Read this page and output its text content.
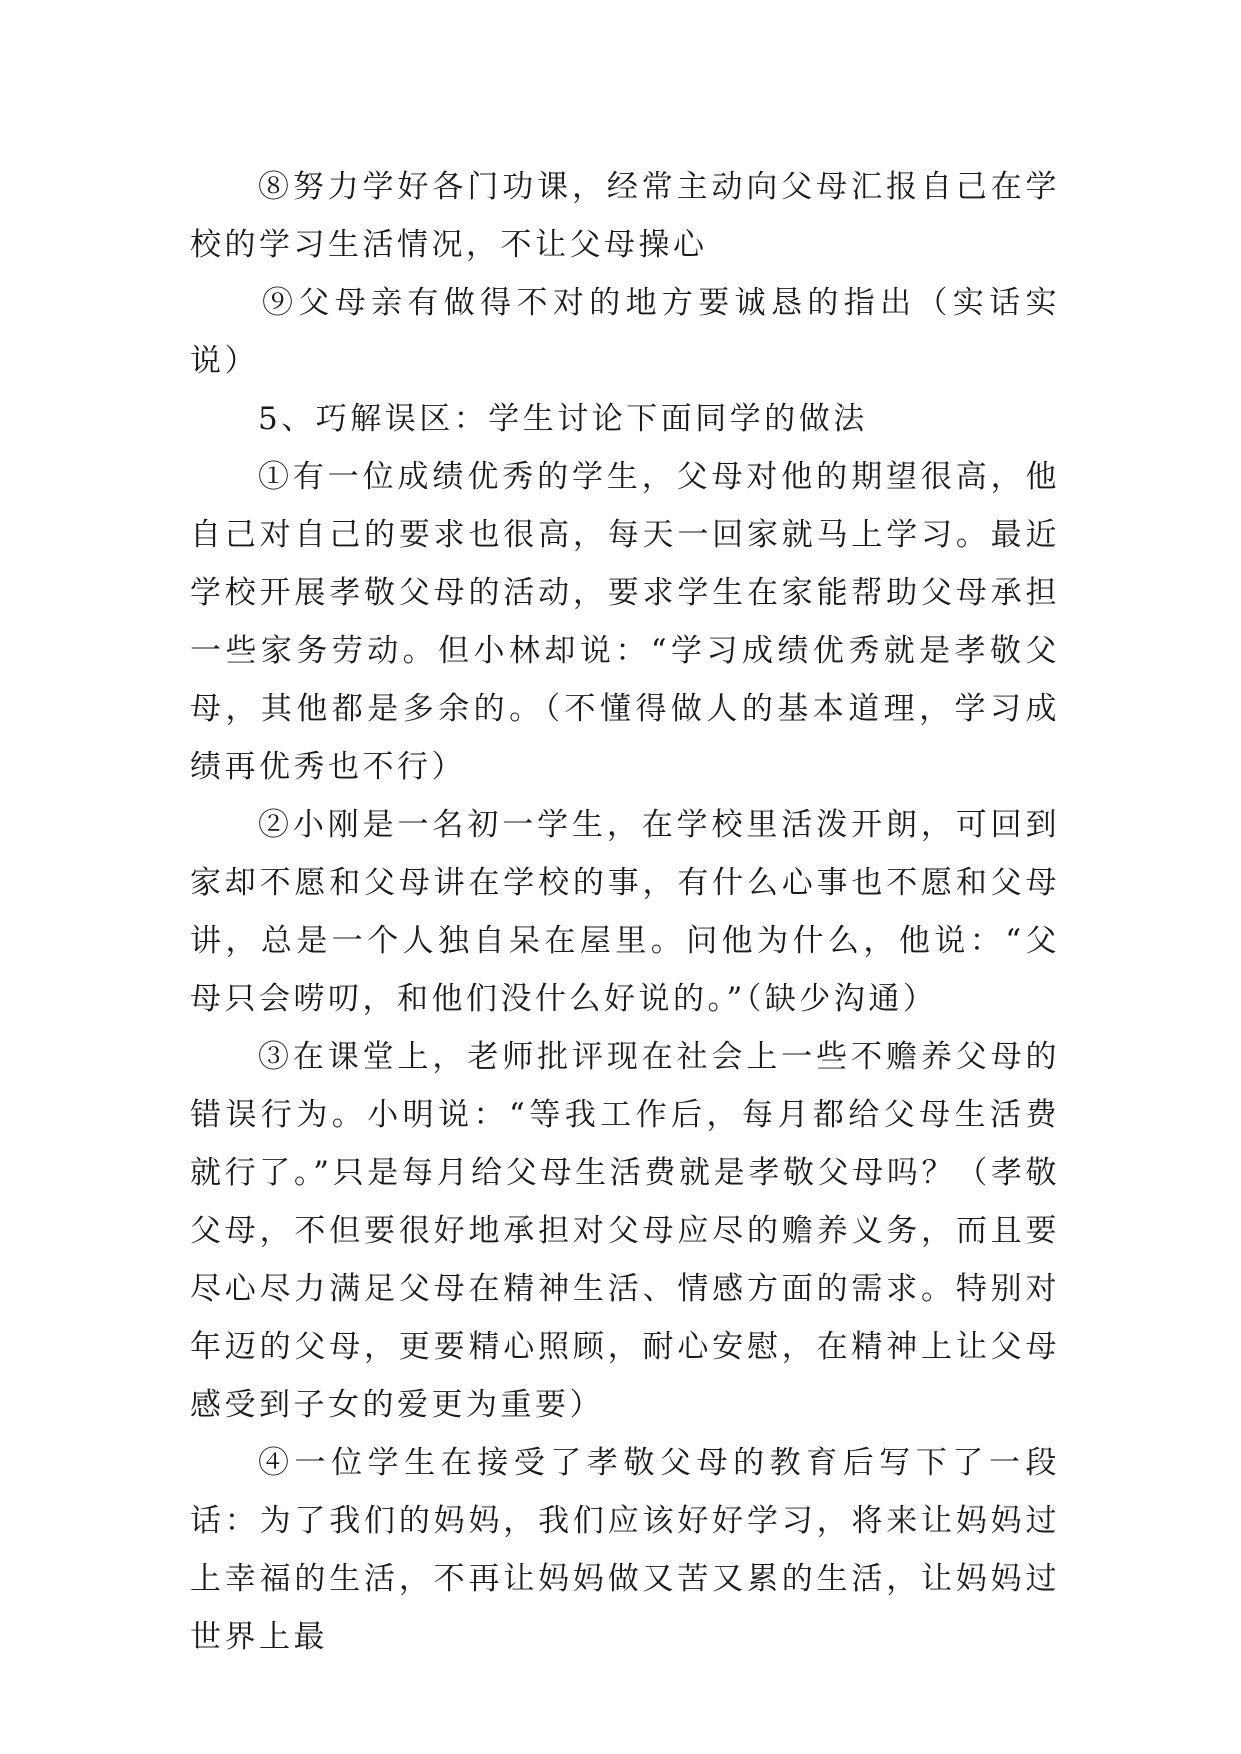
⑧努力学好各门功课，经常主动向父母汇报自己在学校的学习生活情况，不让父母操心

⑨父母亲有做得不对的地方要诚恳的指出（实话实说）

5、巧解误区：学生讨论下面同学的做法

①有一位成绩优秀的学生，父母对他的期望很高，他自己对自己的要求也很高，每天一回家就马上学习。最近学校开展孝敬父母的活动，要求学生在家能帮助父母承担一些家务劳动。但小林却说：“学习成绩优秀就是孝敬父母，其他都是多余的。（不懂得做人的基本道理，学习成绩再优秀也不行）

②小刚是一名初一学生，在学校里活泼开朗，可回到家却不愿和父母讲在学校的事，有什么心事也不愿和父母讲，总是一个人独自呆在屋里。问他为什么，他说：“父母只会唠叨，和他们没什么好说的。”（缺少沟通）

③在课堂上，老师批评现在社会上一些不赡养父母的错误行为。小明说：“等我工作后，每月都给父母生活费就行了。”只是每月给父母生活费就是孝敬父母吗？（孝敬父母，不但要很好地承担对父母应尽的赡养义务，而且要尽心尽力满足父母在精神生活、情感方面的需求。特别对年迈的父母，更要精心照顾，耐心安慰，在精神上让父母感受到子女的爱更为重要）

④一位学生在接受了孝敬父母的教育后写下了一段话：为了我们的妈妈，我们应该好好学习，将来让妈妈过上幸福的生活，不再让妈妈做又苦又累的生活，让妈妈过世界上最
